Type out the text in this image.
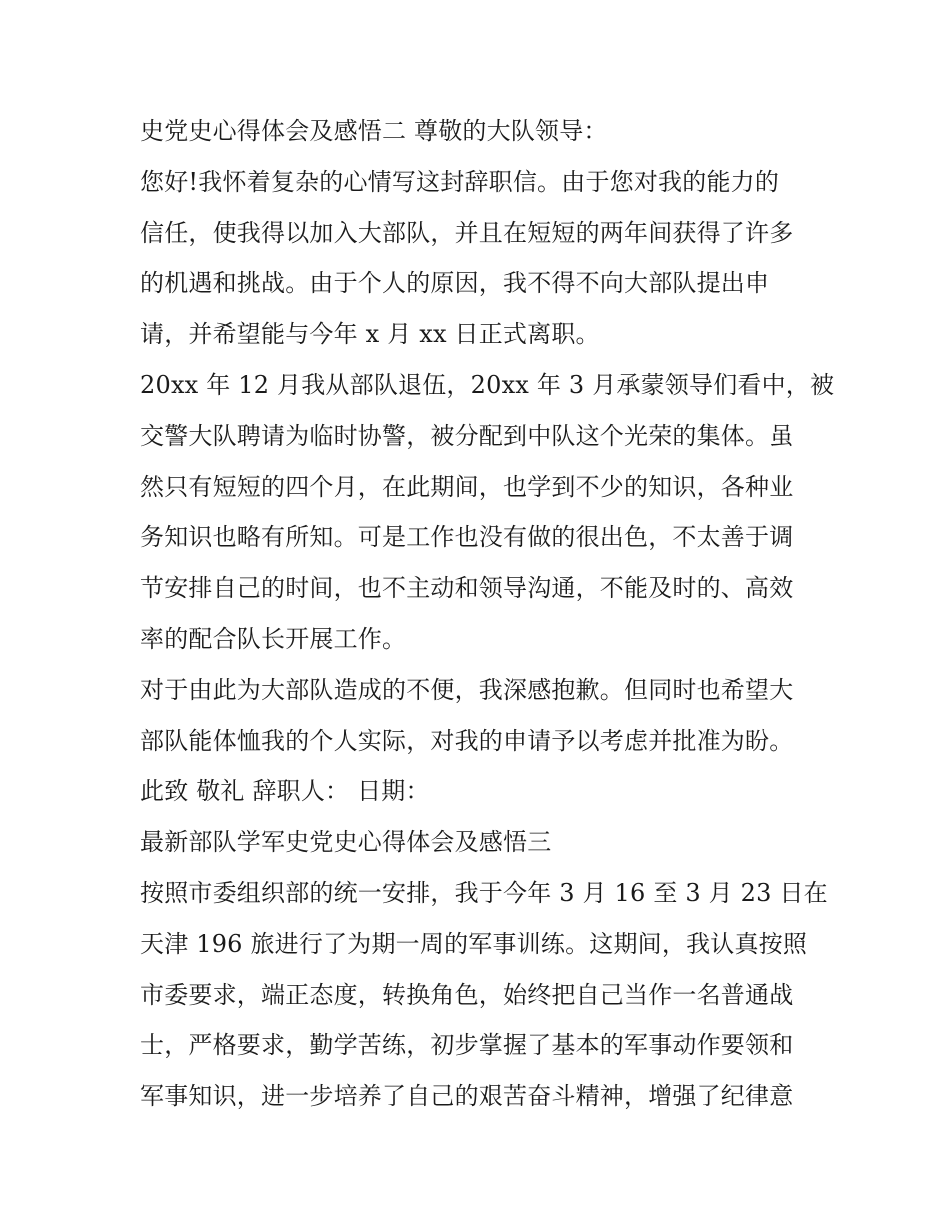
史党史心得体会及感悟二 尊敬的大队领导：
您好!我怀着复杂的心情写这封辞职信。由于您对我的能力的
信任，使我得以加入大部队，并且在短短的两年间获得了许多
的机遇和挑战。由于个人的原因，我不得不向大部队提出申
请，并希望能与今年 x 月 xx 日正式离职。
20xx 年 12 月我从部队退伍，20xx 年 3 月承蒙领导们看中，被
交警大队聘请为临时协警，被分配到中队这个光荣的集体。虽
然只有短短的四个月，在此期间，也学到不少的知识，各种业
务知识也略有所知。可是工作也没有做的很出色，不太善于调
节安排自己的时间，也不主动和领导沟通，不能及时的、高效
率的配合队长开展工作。
对于由此为大部队造成的不便，我深感抱歉。但同时也希望大
部队能体恤我的个人实际，对我的申请予以考虑并批准为盼。
此致 敬礼 辞职人： 日期：
最新部队学军史党史心得体会及感悟三
按照市委组织部的统一安排，我于今年 3 月 16 至 3 月 23 日在
天津 196 旅进行了为期一周的军事训练。这期间，我认真按照
市委要求，端正态度，转换角色，始终把自己当作一名普通战
士，严格要求，勤学苦练，初步掌握了基本的军事动作要领和
军事知识，进一步培养了自己的艰苦奋斗精神，增强了纪律意
